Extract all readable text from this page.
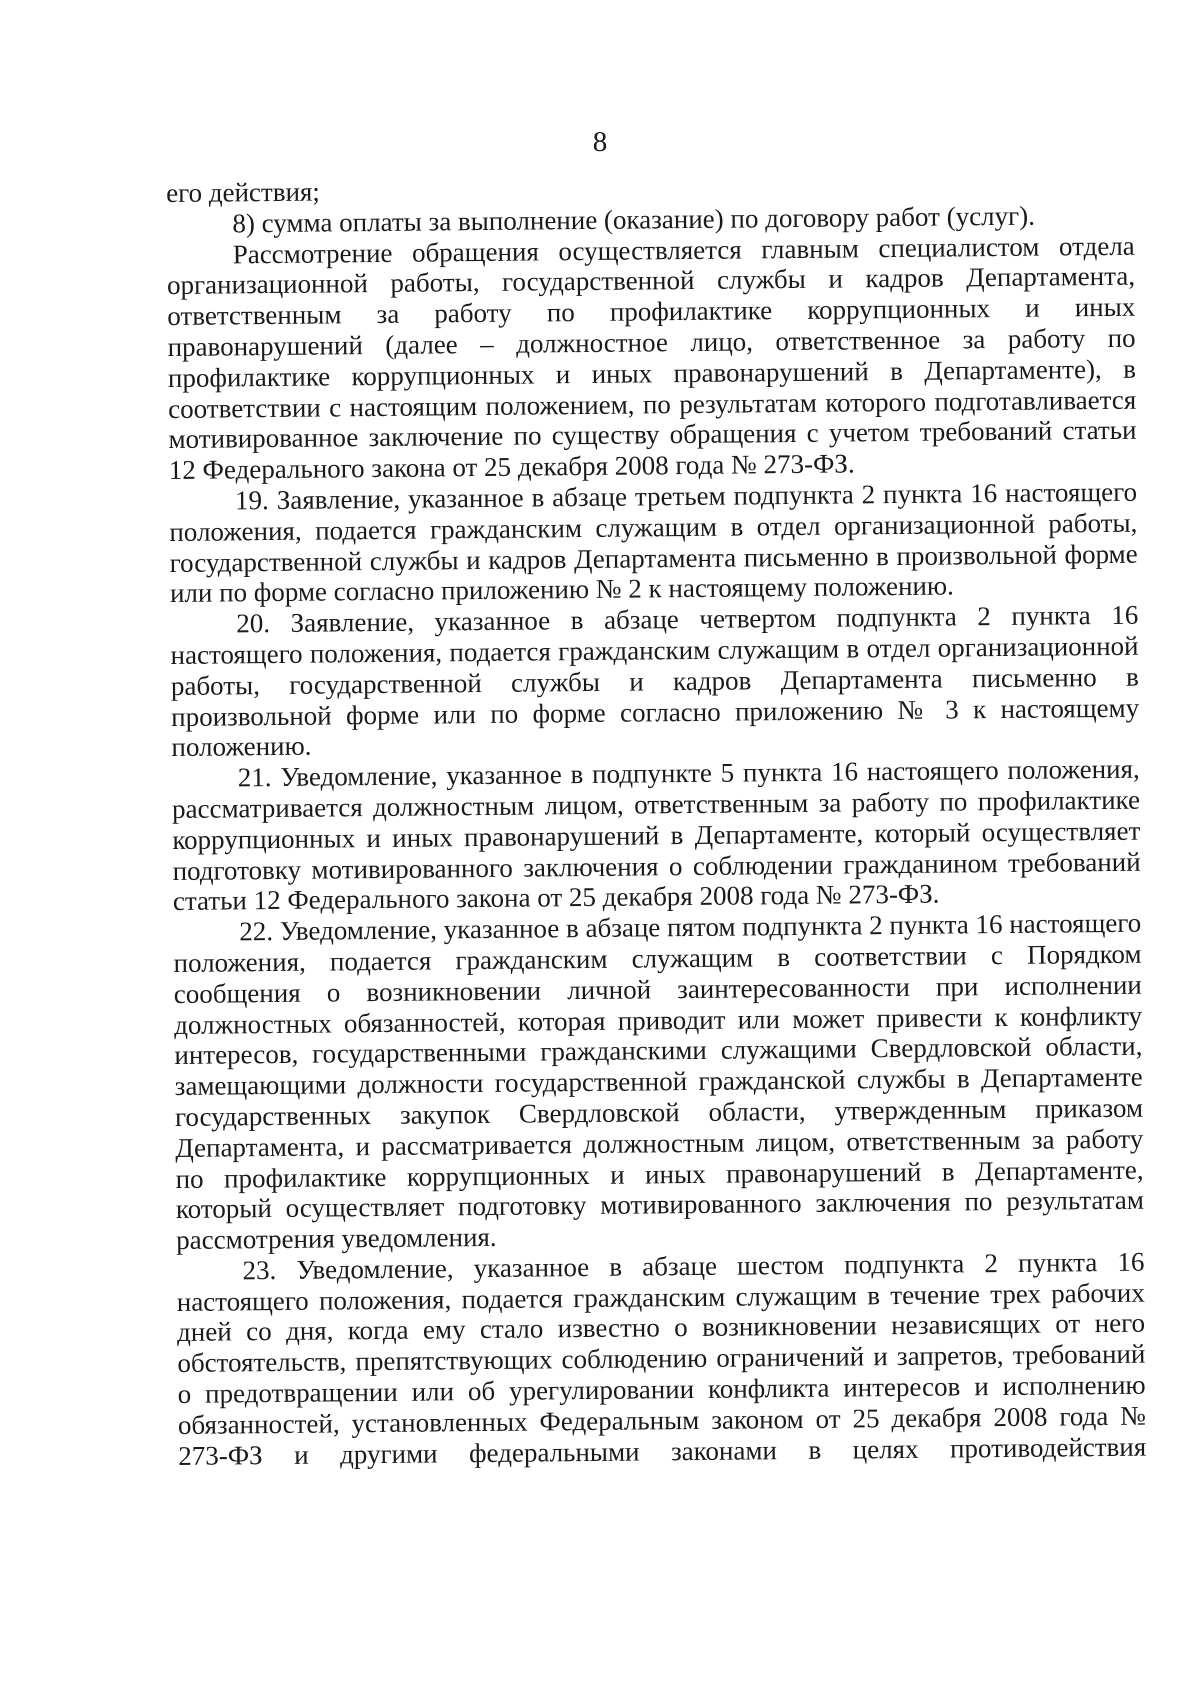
8

его действия;

8) сумма оплаты за выполнение (оказание) по договору работ (услуг).

Рассмотрение обращения осуществляется главным специалистом отдела организационной работы, государственной службы и кадров Департамента, ответственным за работу по профилактике коррупционных и иных правонарушений (далее – должностное лицо, ответственное за работу по профилактике коррупционных и иных правонарушений в Департаменте), в соответствии с настоящим положением, по результатам которого подготавливается мотивированное заключение по существу обращения с учетом требований статьи 12 Федерального закона от 25 декабря 2008 года № 273-ФЗ.

19. Заявление, указанное в абзаце третьем подпункта 2 пункта 16 настоящего положения, подается гражданским служащим в отдел организационной работы, государственной службы и кадров Департамента письменно в произвольной форме или по форме согласно приложению № 2 к настоящему положению.

20. Заявление, указанное в абзаце четвертом подпункта 2 пункта 16 настоящего положения, подается гражданским служащим в отдел организационной работы, государственной службы и кадров Департамента письменно в произвольной форме или по форме согласно приложению № 3 к настоящему положению.

21. Уведомление, указанное в подпункте 5 пункта 16 настоящего положения, рассматривается должностным лицом, ответственным за работу по профилактике коррупционных и иных правонарушений в Департаменте, который осуществляет подготовку мотивированного заключения о соблюдении гражданином требований статьи 12 Федерального закона от 25 декабря 2008 года № 273-ФЗ.

22. Уведомление, указанное в абзаце пятом подпункта 2 пункта 16 настоящего положения, подается гражданским служащим в соответствии с Порядком сообщения о возникновении личной заинтересованности при исполнении должностных обязанностей, которая приводит или может привести к конфликту интересов, государственными гражданскими служащими Свердловской области, замещающими должности государственной гражданской службы в Департаменте государственных закупок Свердловской области, утвержденным приказом Департамента, и рассматривается должностным лицом, ответственным за работу по профилактике коррупционных и иных правонарушений в Департаменте, который осуществляет подготовку мотивированного заключения по результатам рассмотрения уведомления.

23. Уведомление, указанное в абзаце шестом подпункта 2 пункта 16 настоящего положения, подается гражданским служащим в течение трех рабочих дней со дня, когда ему стало известно о возникновении независящих от него обстоятельств, препятствующих соблюдению ограничений и запретов, требований о предотвращении или об урегулировании конфликта интересов и исполнению обязанностей, установленных Федеральным законом от 25 декабря 2008 года № 273-ФЗ и другими федеральными законами в целях противодействия
